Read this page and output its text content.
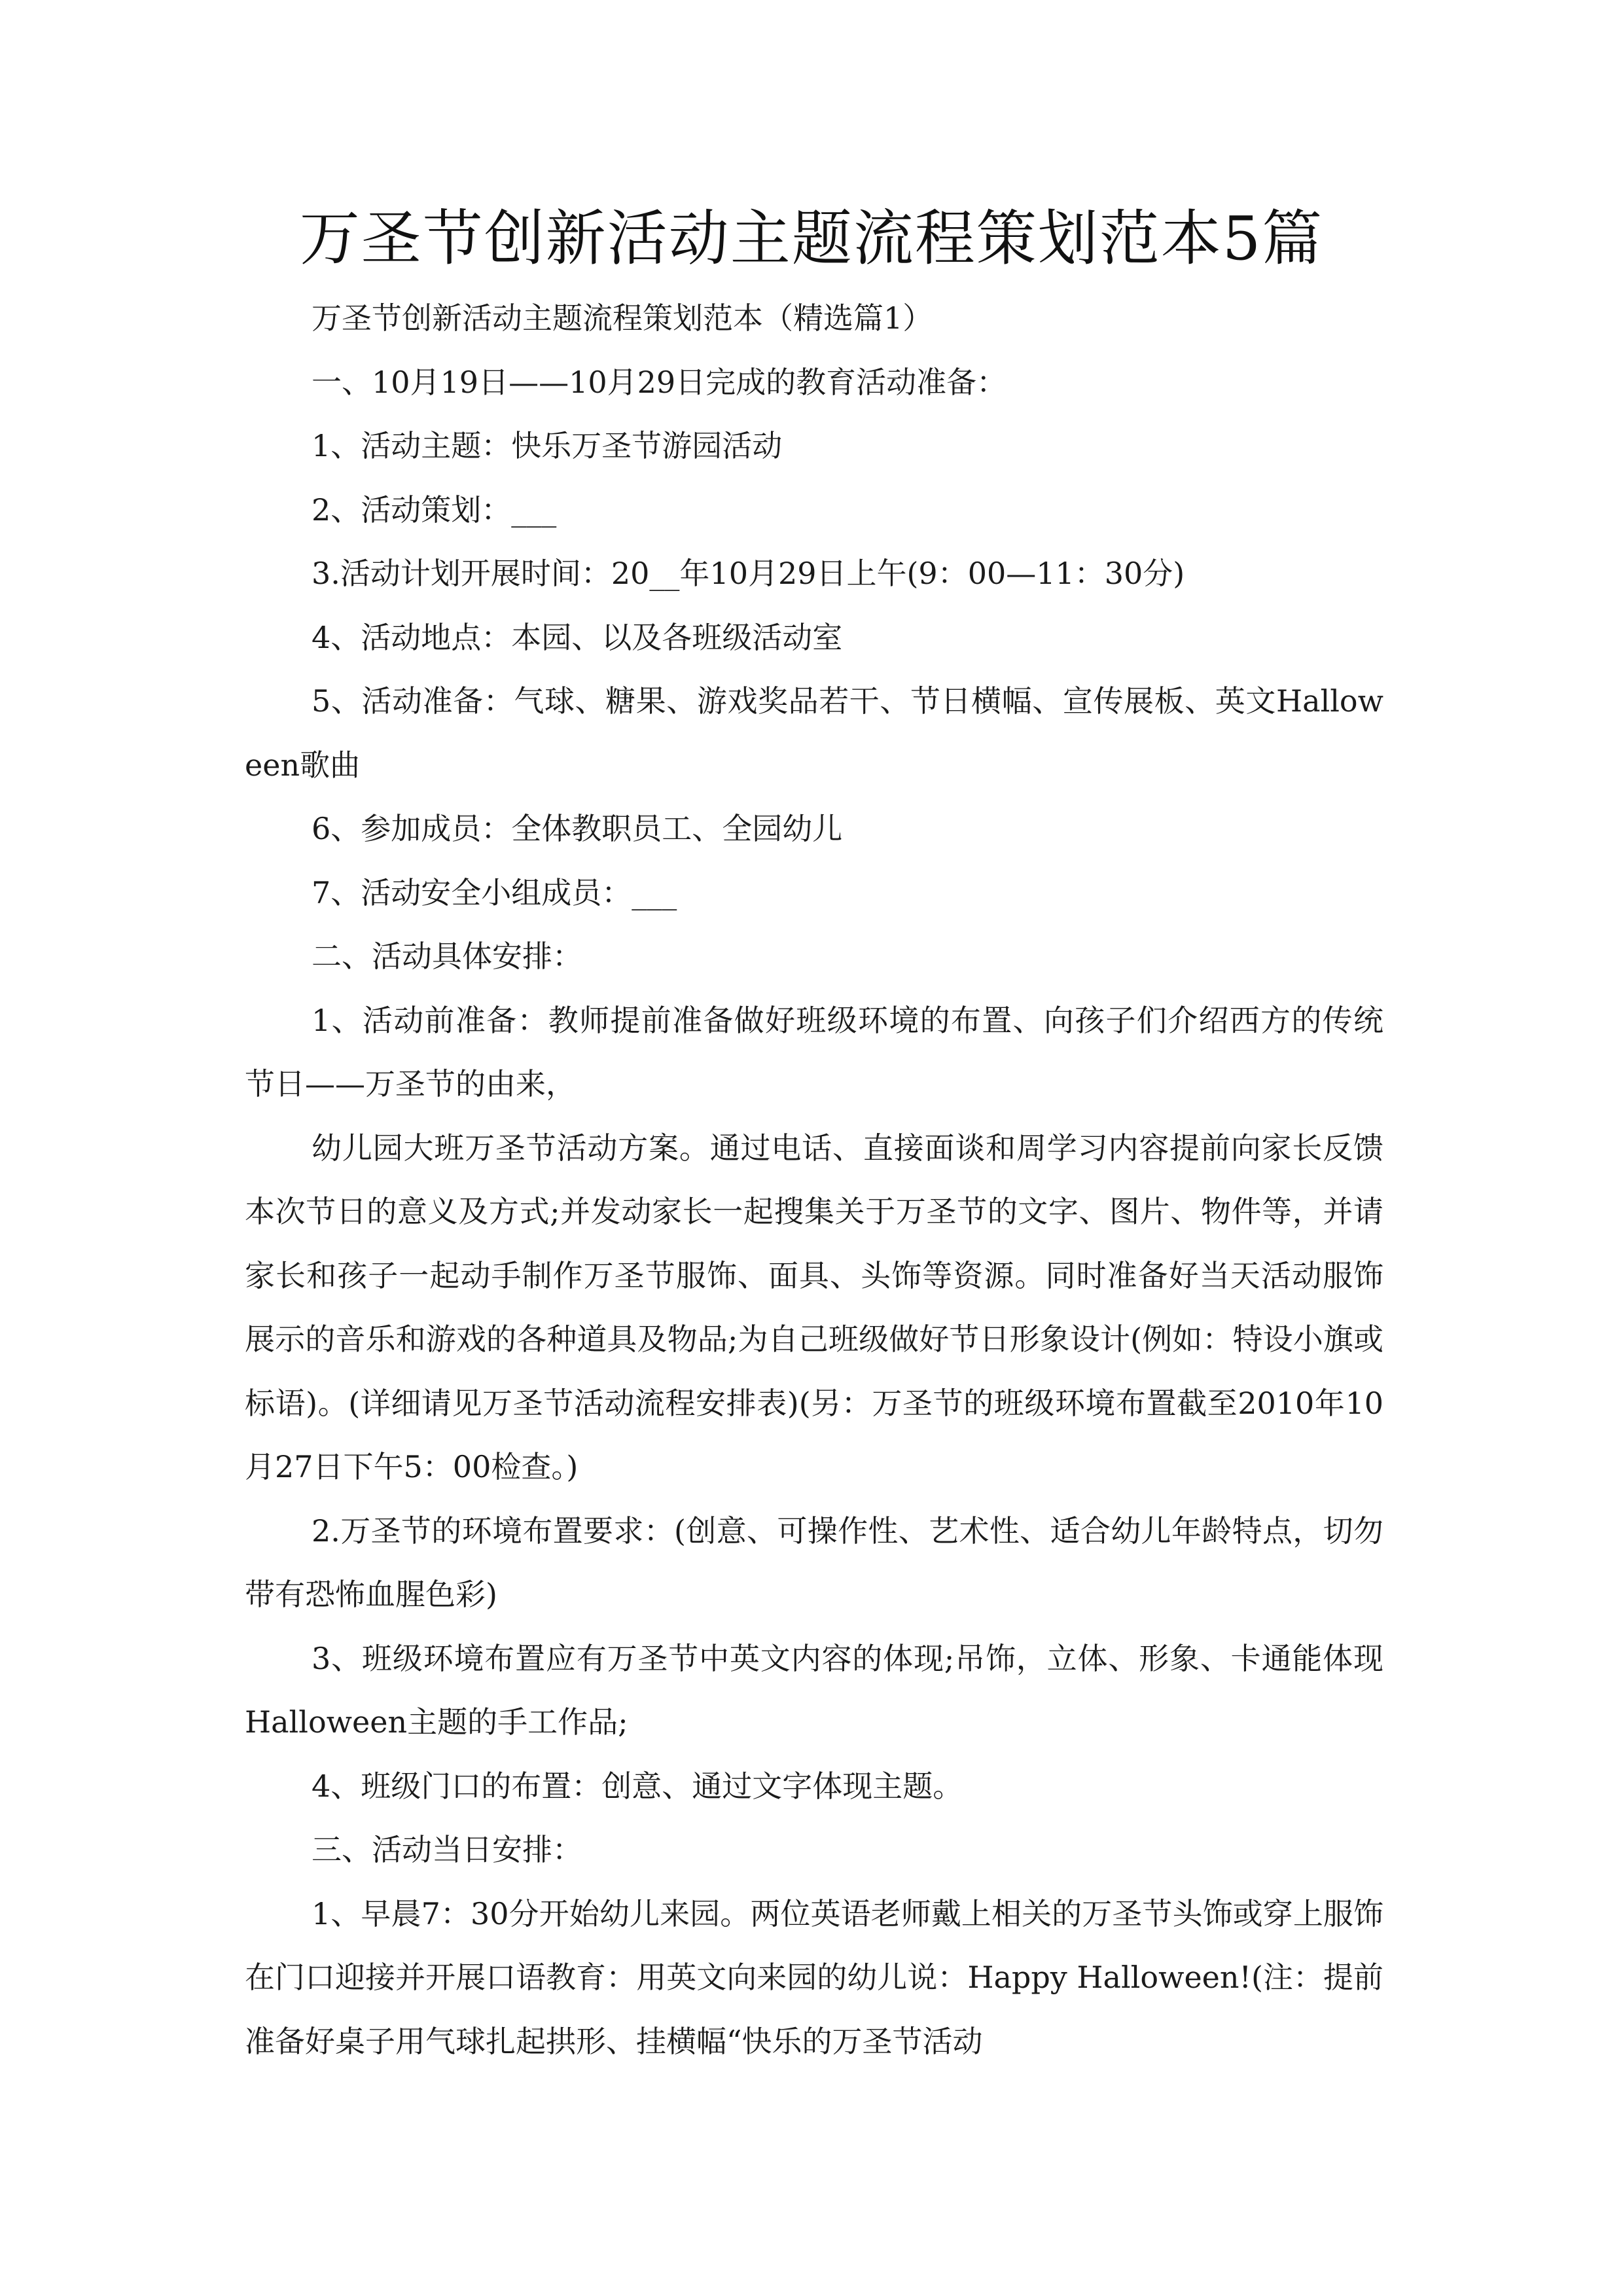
万圣节创新活动主题流程策划范本5篇

万圣节创新活动主题流程策划范本（精选篇1）

一、10月19日——10月29日完成的教育活动准备：

1、活动主题：快乐万圣节游园活动

2、活动策划：___

3.活动计划开展时间：20__年10月29日上午(9：00—11：30分)

4、活动地点：本园、以及各班级活动室

5、活动准备：气球、糖果、游戏奖品若干、节日横幅、宣传展板、英文Halloween歌曲

6、参加成员：全体教职员工、全园幼儿

7、活动安全小组成员：___

二、活动具体安排：

1、活动前准备：教师提前准备做好班级环境的布置、向孩子们介绍西方的传统节日——万圣节的由来，

幼儿园大班万圣节活动方案。通过电话、直接面谈和周学习内容提前向家长反馈本次节日的意义及方式;并发动家长一起搜集关于万圣节的文字、图片、物件等，并请家长和孩子一起动手制作万圣节服饰、面具、头饰等资源。同时准备好当天活动服饰展示的音乐和游戏的各种道具及物品;为自己班级做好节日形象设计(例如：特设小旗或标语)。(详细请见万圣节活动流程安排表)(另：万圣节的班级环境布置截至2010年10月27日下午5：00检查。)

2.万圣节的环境布置要求：(创意、可操作性、艺术性、适合幼儿年龄特点，切勿带有恐怖血腥色彩)

3、班级环境布置应有万圣节中英文内容的体现;吊饰，立体、形象、卡通能体现Halloween主题的手工作品;

4、班级门口的布置：创意、通过文字体现主题。

三、活动当日安排：

1、早晨7：30分开始幼儿来园。两位英语老师戴上相关的万圣节头饰或穿上服饰在门口迎接并开展口语教育：用英文向来园的幼儿说：Happy Halloween!(注：提前准备好桌子用气球扎起拱形、挂横幅“快乐的万圣节活动
